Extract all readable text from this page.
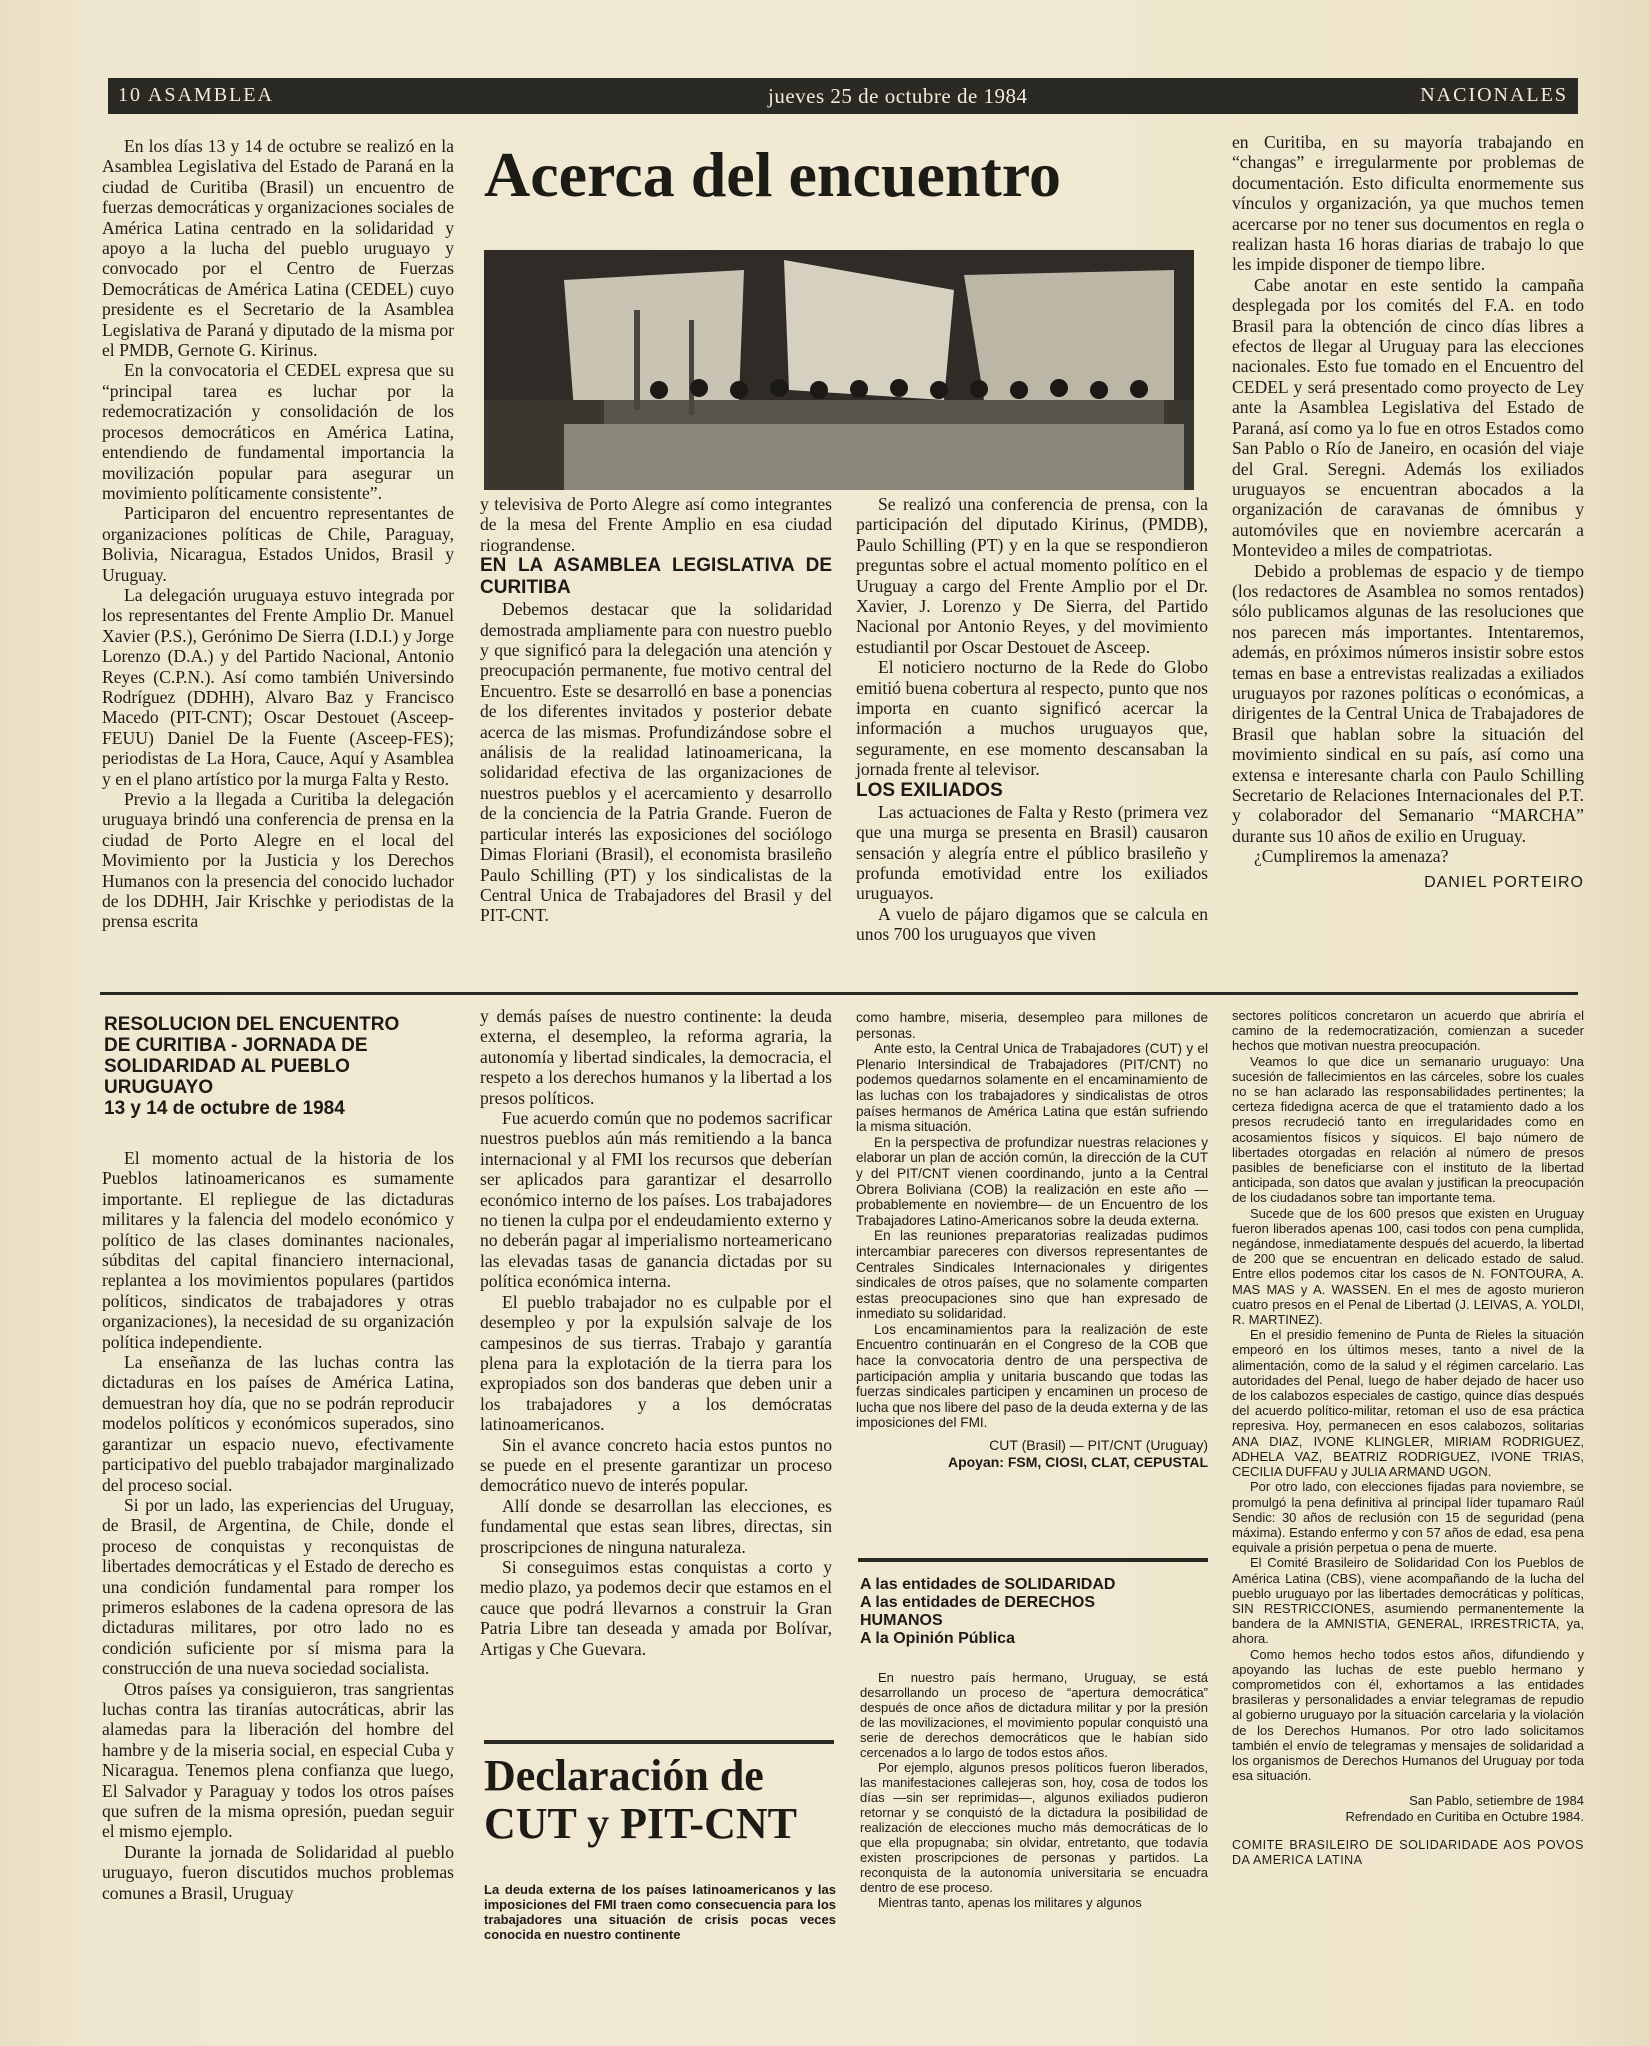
10 ASAMBLEA	jueves 25 de octubre de 1984	NACIONALES

En los días 13 y 14 de octubre se realizó en la Asamblea Legislativa del Estado de Paraná en la ciudad de Curitiba (Brasil) un encuentro de fuerzas democráticas y organizaciones sociales de América Latina centrado en la solidaridad y apoyo a la lucha del pueblo uruguayo y convocado por el Centro de Fuerzas Democráticas de América Latina (CEDEL) cuyo presidente es el Secretario de la Asamblea Legislativa de Paraná y diputado de la misma por el PMDB, Gernote G. Kirinus.

En la convocatoria el CEDEL expresa que su “principal tarea es luchar por la redemocratización y consolidación de los procesos democráticos en América Latina, entendiendo de fundamental importancia la movilización popular para asegurar un movimiento políticamente consistente”.

Participaron del encuentro representantes de organizaciones políticas de Chile, Paraguay, Bolivia, Nicaragua, Estados Unidos, Brasil y Uruguay.

La delegación uruguaya estuvo integrada por los representantes del Frente Amplio Dr. Manuel Xavier (P.S.), Gerónimo De Sierra (I.D.I.) y Jorge Lorenzo (D.A.) y del Partido Nacional, Antonio Reyes (C.P.N.). Así como también Universindo Rodríguez (DDHH), Alvaro Baz y Francisco Macedo (PIT-CNT); Oscar Destouet (Asceep-FEUU) Daniel De la Fuente (Asceep-FES); periodistas de La Hora, Cauce, Aquí y Asamblea y en el plano artístico por la murga Falta y Resto.

Previo a la llegada a Curitiba la delegación uruguaya brindó una conferencia de prensa en la ciudad de Porto Alegre en el local del Movimiento por la Justicia y los Derechos Humanos con la presencia del conocido luchador de los DDHH, Jair Krischke y periodistas de la prensa escrita

Acerca del encuentro

y televisiva de Porto Alegre así como integrantes de la mesa del Frente Amplio en esa ciudad riograndense.

EN LA ASAMBLEA LEGISLATIVA DE CURITIBA

Debemos destacar que la solidaridad demostrada ampliamente para con nuestro pueblo y que significó para la delegación una atención y preocupación permanente, fue motivo central del Encuentro. Este se desarrolló en base a ponencias de los diferentes invitados y posterior debate acerca de las mismas. Profundizándose sobre el análisis de la realidad latinoamericana, la solidaridad efectiva de las organizaciones de nuestros pueblos y el acercamiento y desarrollo de la conciencia de la Patria Grande. Fueron de particular interés las exposiciones del sociólogo Dimas Floriani (Brasil), el economista brasileño Paulo Schilling (PT) y los sindicalistas de la Central Unica de Trabajadores del Brasil y del PIT-CNT.

Se realizó una conferencia de prensa, con la participación del diputado Kirinus, (PMDB), Paulo Schilling (PT) y en la que se respondieron preguntas sobre el actual momento político en el Uruguay a cargo del Frente Amplio por el Dr. Xavier, J. Lorenzo y De Sierra, del Partido Nacional por Antonio Reyes, y del movimiento estudiantil por Oscar Destouet de Asceep.

El noticiero nocturno de la Rede do Globo emitió buena cobertura al respecto, punto que nos importa en cuanto significó acercar la información a muchos uruguayos que, seguramente, en ese momento descansaban la jornada frente al televisor.

LOS EXILIADOS

Las actuaciones de Falta y Resto (primera vez que una murga se presenta en Brasil) causaron sensación y alegría entre el público brasileño y profunda emotividad entre los exiliados uruguayos.

A vuelo de pájaro digamos que se calcula en unos 700 los uruguayos que viven

en Curitiba, en su mayoría trabajando en “changas” e irregularmente por problemas de documentación. Esto dificulta enormemente sus vínculos y organización, ya que muchos temen acercarse por no tener sus documentos en regla o realizan hasta 16 horas diarias de trabajo lo que les impide disponer de tiempo libre.

Cabe anotar en este sentido la campaña desplegada por los comités del F.A. en todo Brasil para la obtención de cinco días libres a efectos de llegar al Uruguay para las elecciones nacionales. Esto fue tomado en el Encuentro del CEDEL y será presentado como proyecto de Ley ante la Asamblea Legislativa del Estado de Paraná, así como ya lo fue en otros Estados como San Pablo o Río de Janeiro, en ocasión del viaje del Gral. Seregni. Además los exiliados uruguayos se encuentran abocados a la organización de caravanas de ómnibus y automóviles que en noviembre acercarán a Montevideo a miles de compatriotas.

Debido a problemas de espacio y de tiempo (los redactores de Asamblea no somos rentados) sólo publicamos algunas de las resoluciones que nos parecen más importantes. Intentaremos, además, en próximos números insistir sobre estos temas en base a entrevistas realizadas a exiliados uruguayos por razones políticas o económicas, a dirigentes de la Central Unica de Trabajadores de Brasil que hablan sobre la situación del movimiento sindical en su país, así como una extensa e interesante charla con Paulo Schilling Secretario de Relaciones Internacionales del P.T. y colaborador del Semanario “MARCHA” durante sus 10 años de exilio en Uruguay.

¿Cumpliremos la amenaza?

DANIEL PORTEIRO
RESOLUCION DEL ENCUENTRO
DE CURITIBA - JORNADA DE
SOLIDARIDAD AL PUEBLO
URUGUAYO
13 y 14 de octubre de 1984

El momento actual de la historia de los Pueblos latinoamericanos es sumamente importante. El repliegue de las dictaduras militares y la falencia del modelo económico y político de las clases dominantes nacionales, súbditas del capital financiero internacional, replantea a los movimientos populares (partidos políticos, sindicatos de trabajadores y otras organizaciones), la necesidad de su organización política independiente.

La enseñanza de las luchas contra las dictaduras en los países de América Latina, demuestran hoy día, que no se podrán reproducir modelos políticos y económicos superados, sino garantizar un espacio nuevo, efectivamente participativo del pueblo trabajador marginalizado del proceso social.

Si por un lado, las experiencias del Uruguay, de Brasil, de Argentina, de Chile, donde el proceso de conquistas y reconquistas de libertades democráticas y el Estado de derecho es una condición fundamental para romper los primeros eslabones de la cadena opresora de las dictaduras militares, por otro lado no es condición suficiente por sí misma para la construcción de una nueva sociedad socialista.

Otros países ya consiguieron, tras sangrientas luchas contra las tiranías autocráticas, abrir las alamedas para la liberación del hombre del hambre y de la miseria social, en especial Cuba y Nicaragua. Tenemos plena confianza que luego, El Salvador y Paraguay y todos los otros países que sufren de la misma opresión, puedan seguir el mismo ejemplo.

Durante la jornada de Solidaridad al pueblo uruguayo, fueron discutidos muchos problemas comunes a Brasil, Uruguay

y demás países de nuestro continente: la deuda externa, el desempleo, la reforma agraria, la autonomía y libertad sindicales, la democracia, el respeto a los derechos humanos y la libertad a los presos políticos.

Fue acuerdo común que no podemos sacrificar nuestros pueblos aún más remitiendo a la banca internacional y al FMI los recursos que deberían ser aplicados para garantizar el desarrollo económico interno de los países. Los trabajadores no tienen la culpa por el endeudamiento externo y no deberán pagar al imperialismo norteamericano las elevadas tasas de ganancia dictadas por su política económica interna.

El pueblo trabajador no es culpable por el desempleo y por la expulsión salvaje de los campesinos de sus tierras. Trabajo y garantía plena para la explotación de la tierra para los expropiados son dos banderas que deben unir a los trabajadores y a los demócratas latinoamericanos.

Sin el avance concreto hacia estos puntos no se puede en el presente garantizar un proceso democrático nuevo de interés popular.

Allí donde se desarrollan las elecciones, es fundamental que estas sean libres, directas, sin proscripciones de ninguna naturaleza.

Si conseguimos estas conquistas a corto y medio plazo, ya podemos decir que estamos en el cauce que podrá llevarnos a construir la Gran Patria Libre tan deseada y amada por Bolívar, Artigas y Che Guevara.

Declaración de
CUT y PIT-CNT
La deuda externa de los países latinoamericanos y las imposiciones del FMI traen como consecuencia para los trabajadores una situación de crisis pocas veces conocida en nuestro continente

como hambre, miseria, desempleo para millones de personas.

Ante esto, la Central Unica de Trabajadores (CUT) y el Plenario Intersindical de Trabajadores (PIT/CNT) no podemos quedarnos solamente en el encaminamiento de las luchas con los trabajadores y sindicalistas de otros países hermanos de América Latina que están sufriendo la misma situación.

En la perspectiva de profundizar nuestras relaciones y elaborar un plan de acción común, la dirección de la CUT y del PIT/CNT vienen coordinando, junto a la Central Obrera Boliviana (COB) la realización en este año —probablemente en noviembre— de un Encuentro de los Trabajadores Latino-Americanos sobre la deuda externa.

En las reuniones preparatorias realizadas pudimos intercambiar pareceres con diversos representantes de Centrales Sindicales Internacionales y dirigentes sindicales de otros países, que no solamente comparten estas preocupaciones sino que han expresado de inmediato su solidaridad.

Los encaminamientos para la realización de este Encuentro continuarán en el Congreso de la COB que hace la convocatoria dentro de una perspectiva de participación amplia y unitaria buscando que todas las fuerzas sindicales participen y encaminen un proceso de lucha que nos libere del paso de la deuda externa y de las imposiciones del FMI.

CUT (Brasil) — PIT/CNT (Uruguay)
Apoyan: FSM, CIOSI, CLAT, CEPUSTAL
A las entidades de SOLIDARIDAD
A las entidades de DERECHOS
HUMANOS
A la Opinión Pública

En nuestro país hermano, Uruguay, se está desarrollando un proceso de “apertura democrática” después de once años de dictadura militar y por la presión de las movilizaciones, el movimiento popular conquistó una serie de derechos democráticos que le habían sido cercenados a lo largo de todos estos años.

Por ejemplo, algunos presos políticos fueron liberados, las manifestaciones callejeras son, hoy, cosa de todos los días —sin ser reprimidas—, algunos exiliados pudieron retornar y se conquistó de la dictadura la posibilidad de realización de elecciones mucho más democráticas de lo que ella propugnaba; sin olvidar, entretanto, que todavía existen proscripciones de personas y partidos. La reconquista de la autonomía universitaria se encuadra dentro de ese proceso.

Mientras tanto, apenas los militares y algunos

sectores políticos concretaron un acuerdo que abriría el camino de la redemocratización, comienzan a suceder hechos que motivan nuestra preocupación.

Veamos lo que dice un semanario uruguayo: Una sucesión de fallecimientos en las cárceles, sobre los cuales no se han aclarado las responsabilidades pertinentes; la certeza fidedigna acerca de que el tratamiento dado a los presos recrudeció tanto en irregularidades como en acosamientos físicos y síquicos. El bajo número de libertades otorgadas en relación al número de presos pasibles de beneficiarse con el instituto de la libertad anticipada, son datos que avalan y justifican la preocupación de los ciudadanos sobre tan importante tema.

Sucede que de los 600 presos que existen en Uruguay fueron liberados apenas 100, casi todos con pena cumplida, negándose, inmediatamente después del acuerdo, la libertad de 200 que se encuentran en delicado estado de salud. Entre ellos podemos citar los casos de N. FONTOURA, A. MAS MAS y A. WASSEN. En el mes de agosto murieron cuatro presos en el Penal de Libertad (J. LEIVAS, A. YOLDI, R. MARTINEZ).

En el presidio femenino de Punta de Rieles la situación empeoró en los últimos meses, tanto a nivel de la alimentación, como de la salud y el régimen carcelario. Las autoridades del Penal, luego de haber dejado de hacer uso de los calabozos especiales de castigo, quince días después del acuerdo político-militar, retoman el uso de esa práctica represiva. Hoy, permanecen en esos calabozos, solitarias ANA DIAZ, IVONE KLINGLER, MIRIAM RODRIGUEZ, ADHELA VAZ, BEATRIZ RODRIGUEZ, IVONE TRIAS, CECILIA DUFFAU y JULIA ARMAND UGON.

Por otro lado, con elecciones fijadas para noviembre, se promulgó la pena definitiva al principal líder tupamaro Raúl Sendic: 30 años de reclusión con 15 de seguridad (pena máxima). Estando enfermo y con 57 años de edad, esa pena equivale a prisión perpetua o pena de muerte.

El Comité Brasileiro de Solidaridad Con los Pueblos de América Latina (CBS), viene acompañando de la lucha del pueblo uruguayo por las libertades democráticas y políticas, SIN RESTRICCIONES, asumiendo permanentemente la bandera de la AMNISTIA, GENERAL, IRRESTRICTA, ya, ahora.

Como hemos hecho todos estos años, difundiendo y apoyando las luchas de este pueblo hermano y comprometidos con él, exhortamos a las entidades brasileras y personalidades a enviar telegramas de repudio al gobierno uruguayo por la situación carcelaria y la violación de los Derechos Humanos. Por otro lado solicitamos también el envío de telegramas y mensajes de solidaridad a los organismos de Derechos Humanos del Uruguay por toda esa situación.

San Pablo, setiembre de 1984
Refrendado en Curitiba en Octubre 1984.
COMITE BRASILEIRO DE SOLIDARIDADE AOS POVOS DA AMERICA LATINA
